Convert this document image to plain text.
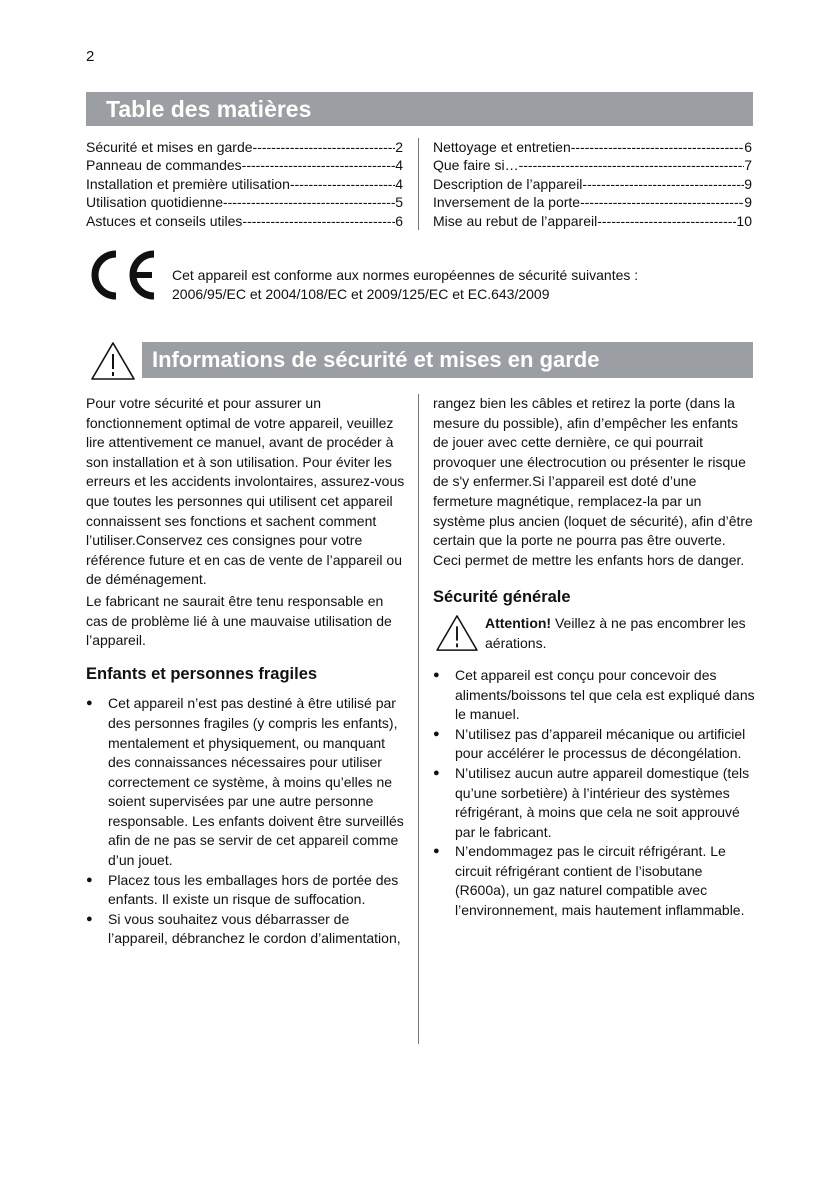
2
Table des matières
Sécurité et mises en garde -----	2
Panneau de commandes -----	4
Installation et première utilisation -----	4
Utilisation quotidienne -----	5
Astuces et conseils utiles -----	6
Nettoyage et entretien -----	6
Que faire si… -----	7
Description de l’appareil -----	9
Inversement de la porte -----	9
Mise au rebut de l’appareil -----	10
Cet appareil est conforme aux normes européennes de sécurité suivantes :
2006/95/EC et 2004/108/EC et 2009/125/EC et EC.643/2009
Informations de sécurité et mises en garde

Pour votre sécurité et pour assurer un fonctionnement optimal de votre appareil, veuillez lire attentivement ce manuel, avant de procéder à son installation et à son utilisation. Pour éviter les erreurs et les accidents involontaires, assurez-vous que toutes les personnes qui utilisent cet appareil connaissent ses fonctions et sachent comment l’utiliser.Conservez ces consignes pour votre référence future et en cas de vente de l’appareil ou de déménagement.

Le fabricant ne saurait être tenu responsable en cas de problème lié à une mauvaise utilisation de l’appareil.

Enfants et personnes fragiles

● Cet appareil n’est pas destiné à être utilisé par des personnes fragiles (y compris les enfants), mentalement et physiquement, ou manquant des connaissances nécessaires pour utiliser correctement ce système, à moins qu’elles ne soient supervisées par une autre personne responsable. Les enfants doivent être surveillés afin de ne pas se servir de cet appareil comme d’un jouet.
● Placez tous les emballages hors de portée des enfants. Il existe un risque de suffocation.
● Si vous souhaitez vous débarrasser de l’appareil, débranchez le cordon d’alimentation,

rangez bien les câbles et retirez la porte (dans la mesure du possible), afin d’empêcher les enfants de jouer avec cette dernière, ce qui pourrait provoquer une électrocution ou présenter le risque de s'y enfermer.Si l’appareil est doté d’une fermeture magnétique, remplacez-la par un système plus ancien (loquet de sécurité), afin d’être certain que la porte ne pourra pas être ouverte. Ceci permet de mettre les enfants hors de danger.

Sécurité générale

Attention! Veillez à ne pas encombrer les aérations.
● Cet appareil est conçu pour concevoir des aliments/boissons tel que cela est expliqué dans le manuel.
● N’utilisez pas d’appareil mécanique ou artificiel pour accélérer le processus de décongélation.
● N’utilisez aucun autre appareil domestique (tels qu’une sorbetière) à l’intérieur des systèmes réfrigérant, à moins que cela ne soit approuvé par le fabricant.
● N’endommagez pas le circuit réfrigérant. Le circuit réfrigérant contient de l’isobutane (R600a), un gaz naturel compatible avec l’environnement, mais hautement inflammable.
